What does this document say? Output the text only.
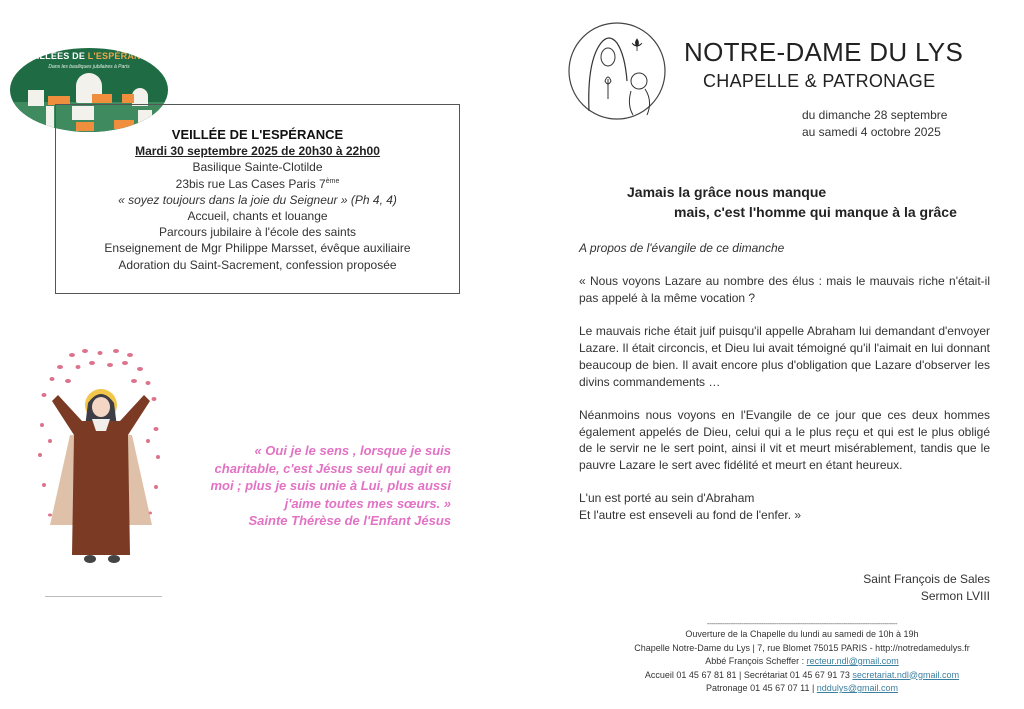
VEILLÉES DE L'ESPÉRANCE
Dans les basiliques jubilaires à Paris
VEILLÉE DE L'ESPÉRANCE
Mardi 30 septembre 2025 de 20h30 à 22h00
Basilique Sainte-Clotilde
23bis rue Las Cases Paris 7ème
« soyez toujours dans la joie du Seigneur » (Ph 4, 4)
Accueil, chants et louange
Parcours jubilaire à l'école des saints
Enseignement de Mgr Philippe Marsset, évêque auxiliaire
Adoration du Saint-Sacrement, confession proposée
« Oui je le sens , lorsque je suis
charitable, c'est Jésus seul qui agit en
moi ; plus je suis unie à Lui, plus aussi
j'aime toutes mes sœurs. »
Sainte Thérèse de l'Enfant Jésus
NOTRE-DAME DU LYS
CHAPELLE & PATRONAGE
du dimanche 28 septembre
au samedi 4 octobre 2025
Jamais la grâce nous manque
mais, c'est l'homme qui manque à la grâce

A propos de l'évangile de ce dimanche

« Nous voyons Lazare au nombre des élus : mais le mauvais riche n'était-il pas appelé à la même vocation ?

Le mauvais riche était juif puisqu'il appelle Abraham lui demandant d'envoyer Lazare. Il était circoncis, et Dieu lui avait témoigné qu'il l'aimait en lui donnant beaucoup de bien. Il avait encore plus d'obligation que Lazare d'observer les divins commandements …

Néanmoins nous voyons en l'Evangile de ce jour que ces deux hommes également appelés de Dieu, celui qui a le plus reçu et qui est le plus obligé de le servir ne le sert point, ainsi il vit et meurt misérablement, tandis que le pauvre Lazare le sert avec fidélité et meurt en étant heureux.

L'un est porté au sein d'Abraham
Et l'autre est enseveli au fond de l'enfer. »
Saint François de Sales
Sermon LVIII
----------------------------------------------------------------------------------------
Ouverture de la Chapelle du lundi au samedi de 10h à 19h
Chapelle Notre-Dame du Lys | 7, rue Blomet 75015 PARIS - http://notredamedulys.fr
Abbé François Scheffer : recteur.ndl@gmail.com
Accueil 01 45 67 81 81 | Secrétariat 01 45 67 91 73 secretariat.ndl@gmail.com
Patronage 01 45 67 07 11 | nddulys@gmail.com
